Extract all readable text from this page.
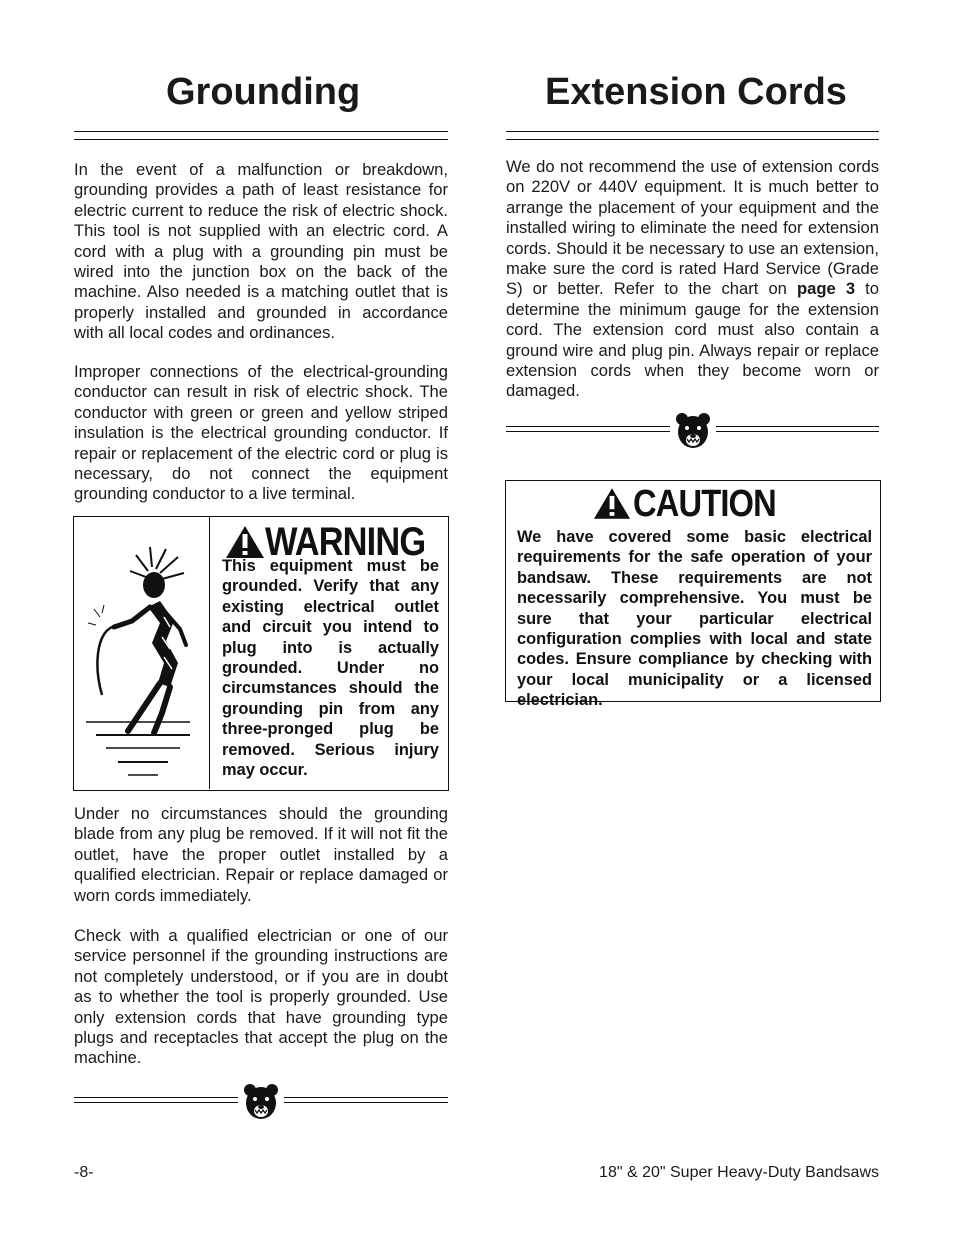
Grounding

In the event of a malfunction or breakdown, grounding provides a path of least resistance for electric current to reduce the risk of electric shock. This tool is not supplied with an electric cord. A cord with a plug with a grounding pin must be wired into the junction box on the back of the machine. Also needed is a matching outlet that is properly installed and grounded in accordance with all local codes and ordinances.

Improper connections of the electrical-grounding conductor can result in risk of electric shock. The conductor with green or green and yellow striped insulation is the electrical grounding conductor. If repair or replacement of the electric cord or plug is necessary, do not connect the equipment grounding conductor to a live terminal.

WARNING

This equipment must be grounded. Verify that any existing electrical outlet and circuit you intend to plug into is actually grounded. Under no circumstances should the grounding pin from any three-pronged plug be removed. Serious injury may occur.

Under no circumstances should the grounding blade from any plug be removed. If it will not fit the outlet, have the proper outlet installed by a qualified electrician. Repair or replace damaged or worn cords immediately.

Check with a qualified electrician or one of our service personnel if the grounding instructions are not completely understood, or if you are in doubt as to whether the tool is properly grounded. Use only extension cords that have grounding type plugs and receptacles that accept the plug on the machine.

Extension Cords

We do not recommend the use of extension cords on 220V or 440V equipment. It is much better to arrange the placement of your equipment and the installed wiring to eliminate the need for extension cords. Should it be necessary to use an extension, make sure the cord is rated Hard Service (Grade S) or better. Refer to the chart on page 3 to determine the minimum gauge for the extension cord. The extension cord must also contain a ground wire and plug pin. Always repair or replace extension cords when they become worn or damaged.

CAUTION

We have covered some basic electrical requirements for the safe operation of your bandsaw. These requirements are not necessarily comprehensive. You must be sure that your particular electrical configuration complies with local and state codes. Ensure compliance by checking with your local municipality or a licensed electrician.

-8-	18" & 20" Super Heavy-Duty Bandsaws
